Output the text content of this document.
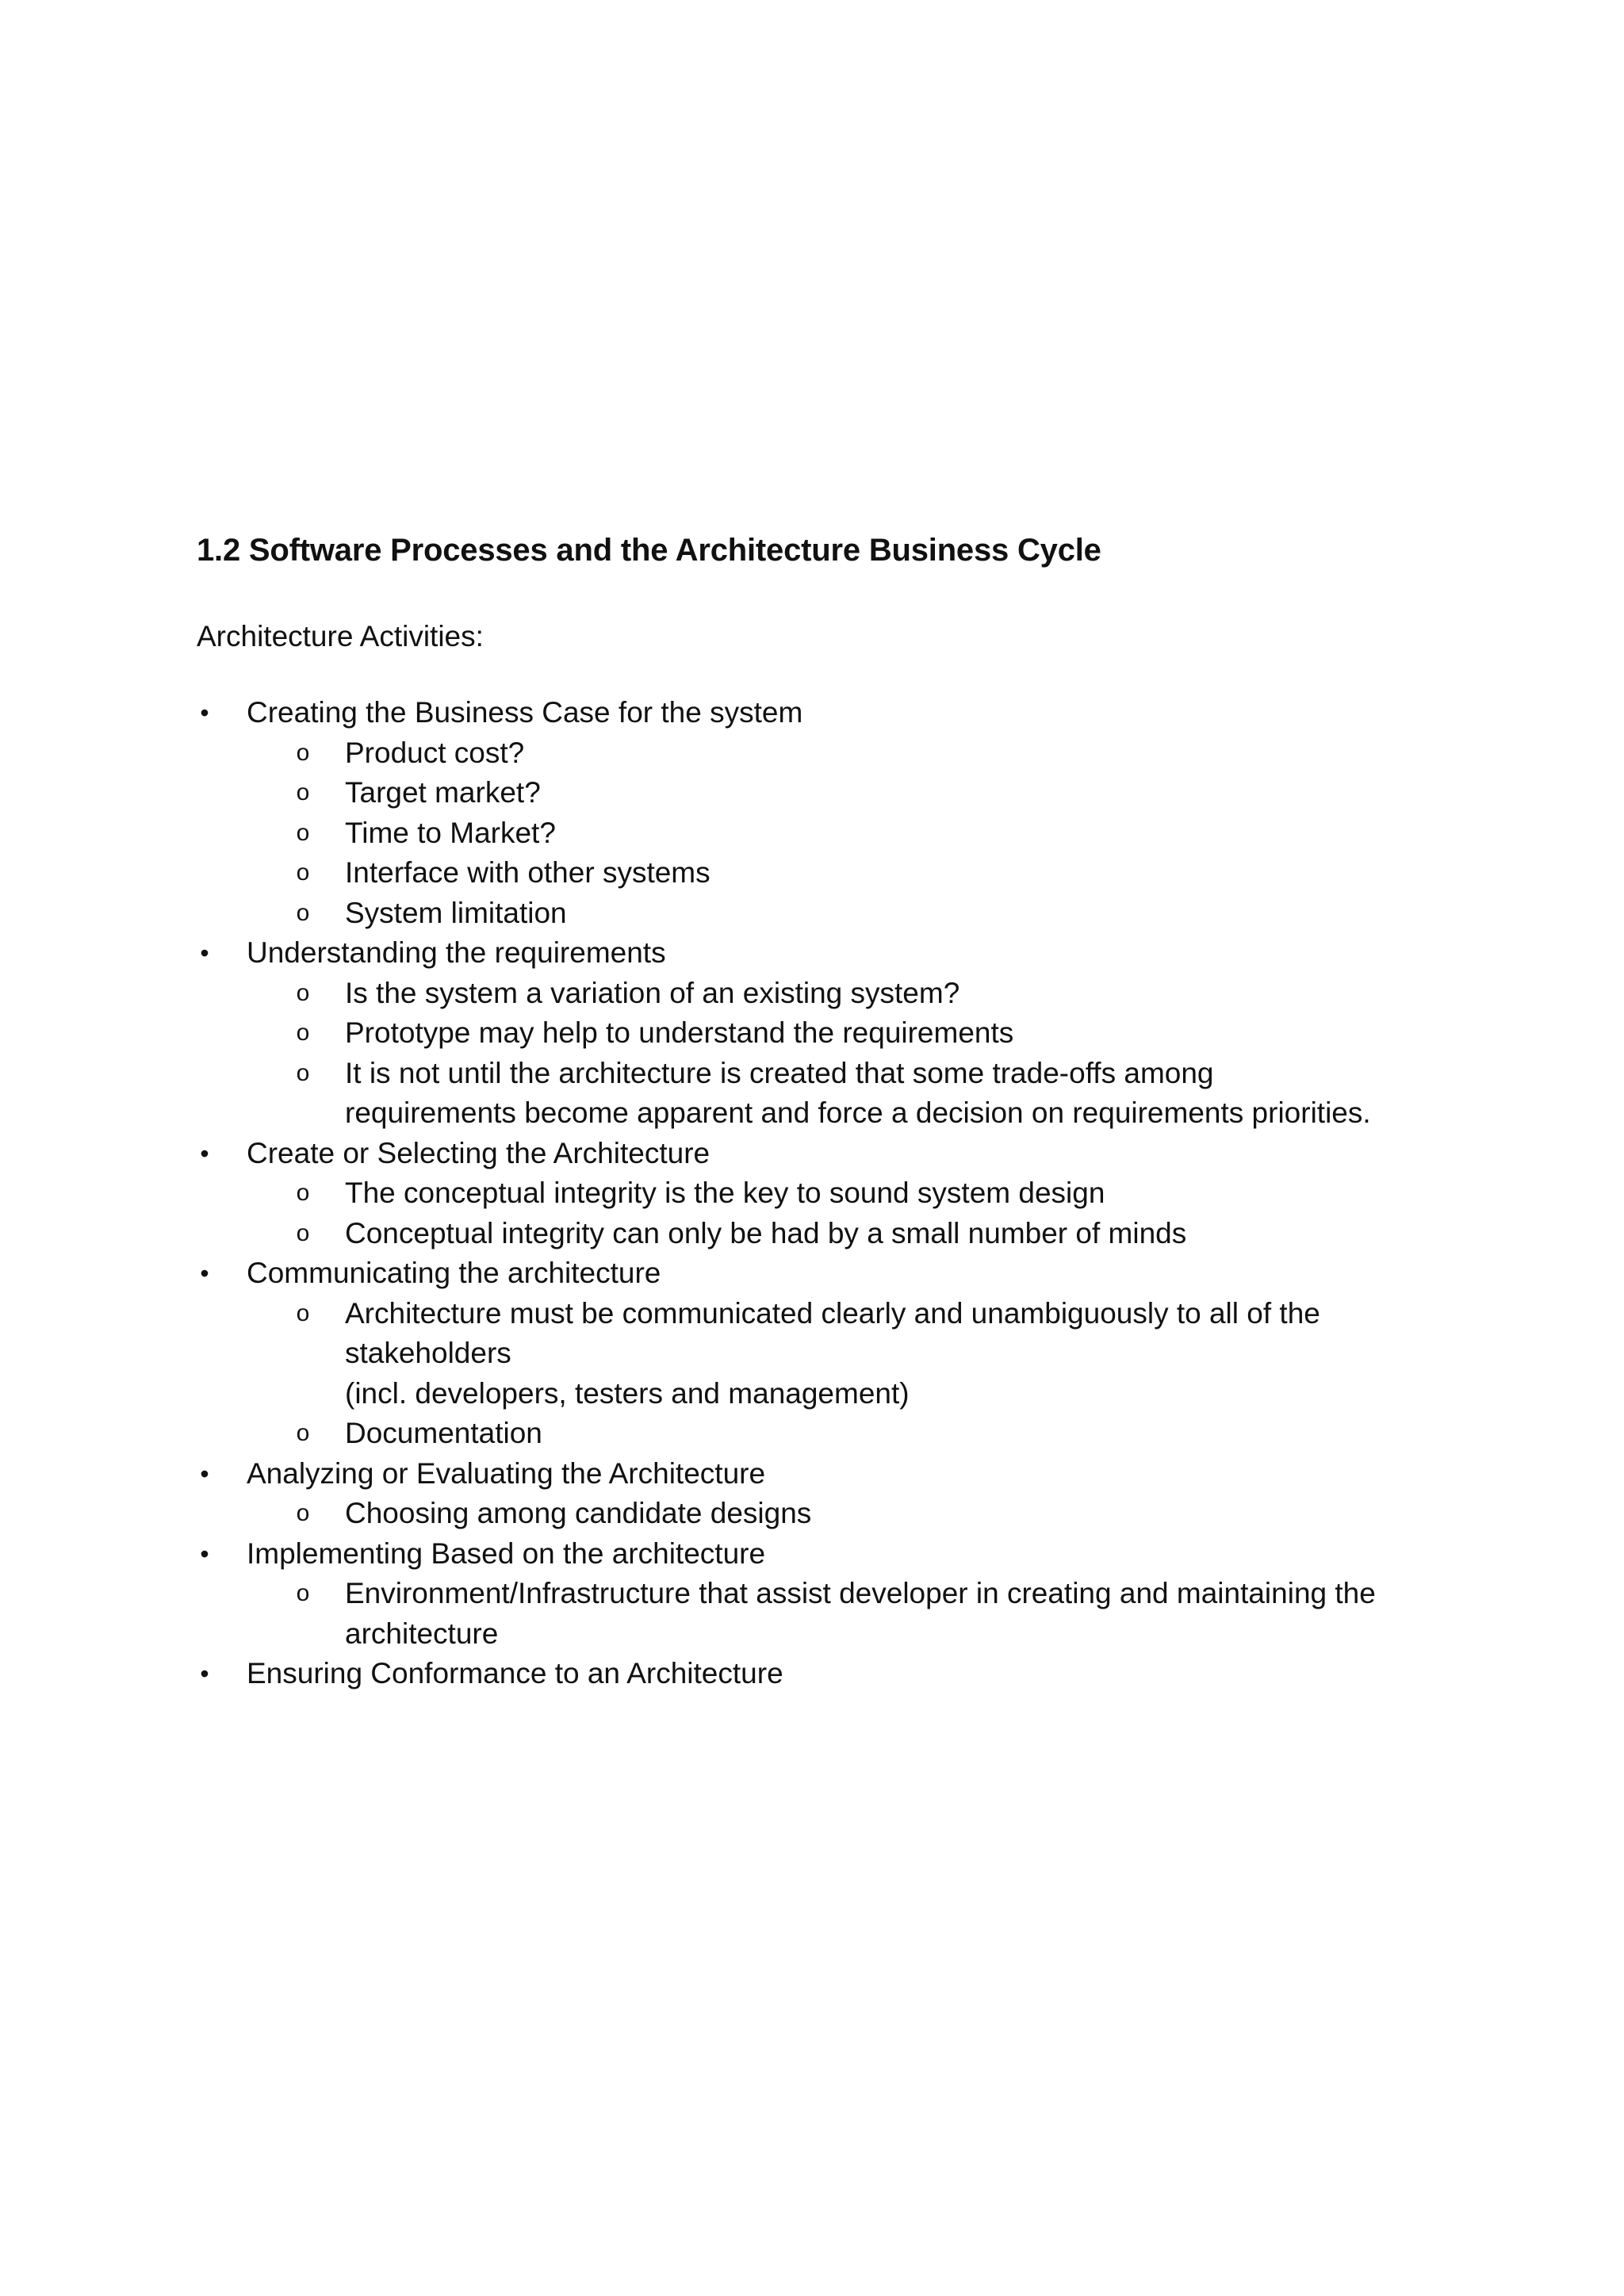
1.2 Software Processes and the Architecture Business Cycle
Architecture Activities:
•	Creating the Business Case for the system
o	Product cost?
o	Target market?
o	Time to Market?
o	Interface with other systems
o	System limitation
•	Understanding the requirements
o	Is the system a variation of an existing system?
o	Prototype may help to understand the requirements
o	It is not until the architecture is created that some trade-offs among
requirements become apparent and force a decision on requirements priorities.
•	Create or Selecting the Architecture
o	The conceptual integrity is the key to sound system design
o	Conceptual integrity can only be had by a small number of minds
•	Communicating the architecture
o	Architecture must be communicated clearly and unambiguously to all of the
stakeholders
(incl. developers, testers and management)
o	Documentation
•	Analyzing or Evaluating the Architecture
o	Choosing among candidate designs
•	Implementing Based on the architecture
o	Environment/Infrastructure that assist developer in creating and maintaining the
architecture
•	Ensuring Conformance to an Architecture
